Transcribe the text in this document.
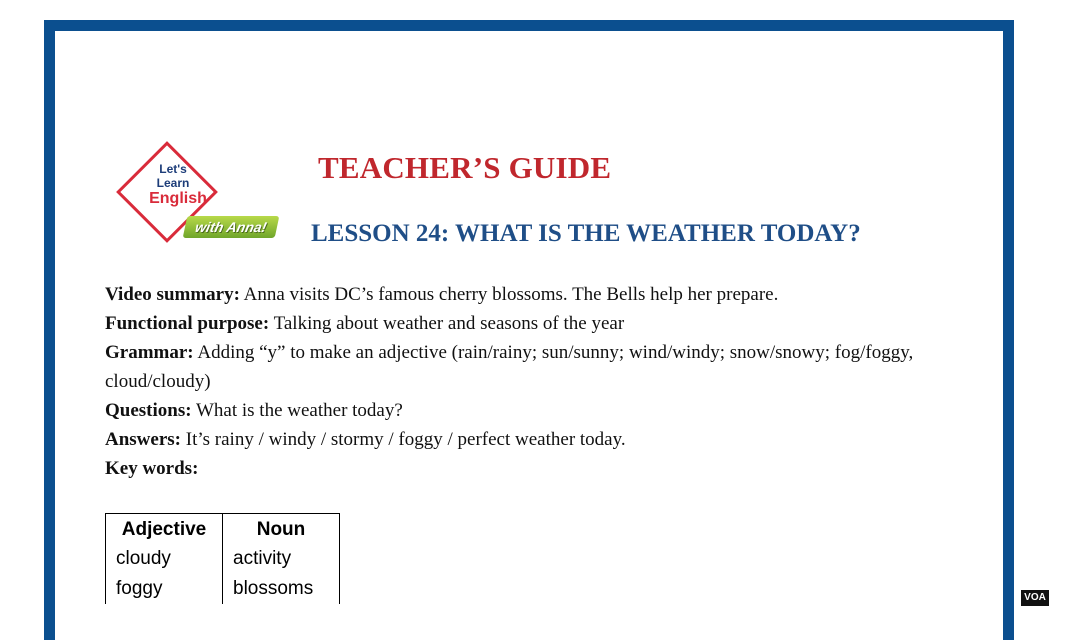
Let's
Learn
English
with Anna!
TEACHER’S GUIDE
LESSON 24: WHAT IS THE WEATHER TODAY?

Video summary: Anna visits DC’s famous cherry blossoms. The Bells help her prepare.

Functional purpose: Talking about weather and seasons of the year

Grammar: Adding “y” to make an adjective (rain/rainy; sun/sunny; wind/windy; snow/snowy; fog/foggy, cloud/cloudy)

Questions: What is the weather today?

Answers: It’s rainy / windy / stormy / foggy / perfect weather today.

Key words:

Adjective	Noun
cloudy	activity
foggy	blossoms	VOA
